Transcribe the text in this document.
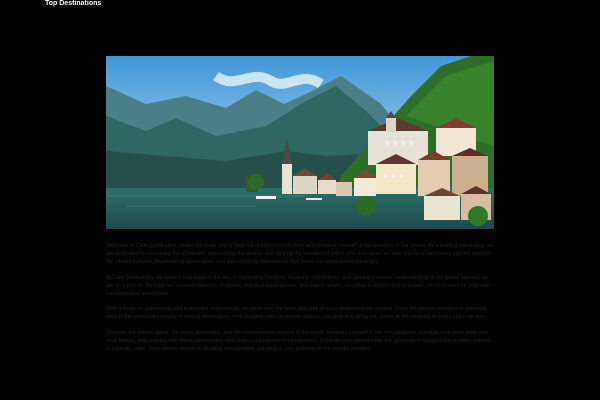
Top Destinations

Welcome to CHA Syndication, where we invite you to step out of your comfort zone and immerse yourself in the wonders of our planet. As a leading travel blog, we are dedicated to unraveling the mysteries, showcasing the beauty, and igniting the wanderlust within you. Join us as we take you on a captivating journey through the vibrant cultures, breathtaking landscapes, and awe-inspiring experiences that make our world so extraordinary.

At CHA Syndication, we believe that travel is the key to expanding horizons, fostering connections, and gaining a deeper understanding of the global tapestry we are all a part of. Through our curated collection of stories, practical travel guides, and expert advice, we strive to inspire and empower you to embark on your own transformative adventures.

With a focus on authenticity and immersive experiences, we delve into the heart and soul of each destination we explore. From the ancient wonders of historical sites to the untouched beauty of natural landscapes, from bustling cities to remote villages, our goal is to bring you closer to the essence of every place we visit.

Discover the hidden gems, the iconic landmarks, and the lesser-known corners of the world. Immerse yourself in the rich traditions, tantalize your taste buds with local flavors, and connect with fellow adventurers who share your passion for exploration. From ancient wonders like the pyramids of Egypt to the modern marvels of futuristic cities, from remote islands to bustling metropolises, our blog is your gateway to the world's wonders.
